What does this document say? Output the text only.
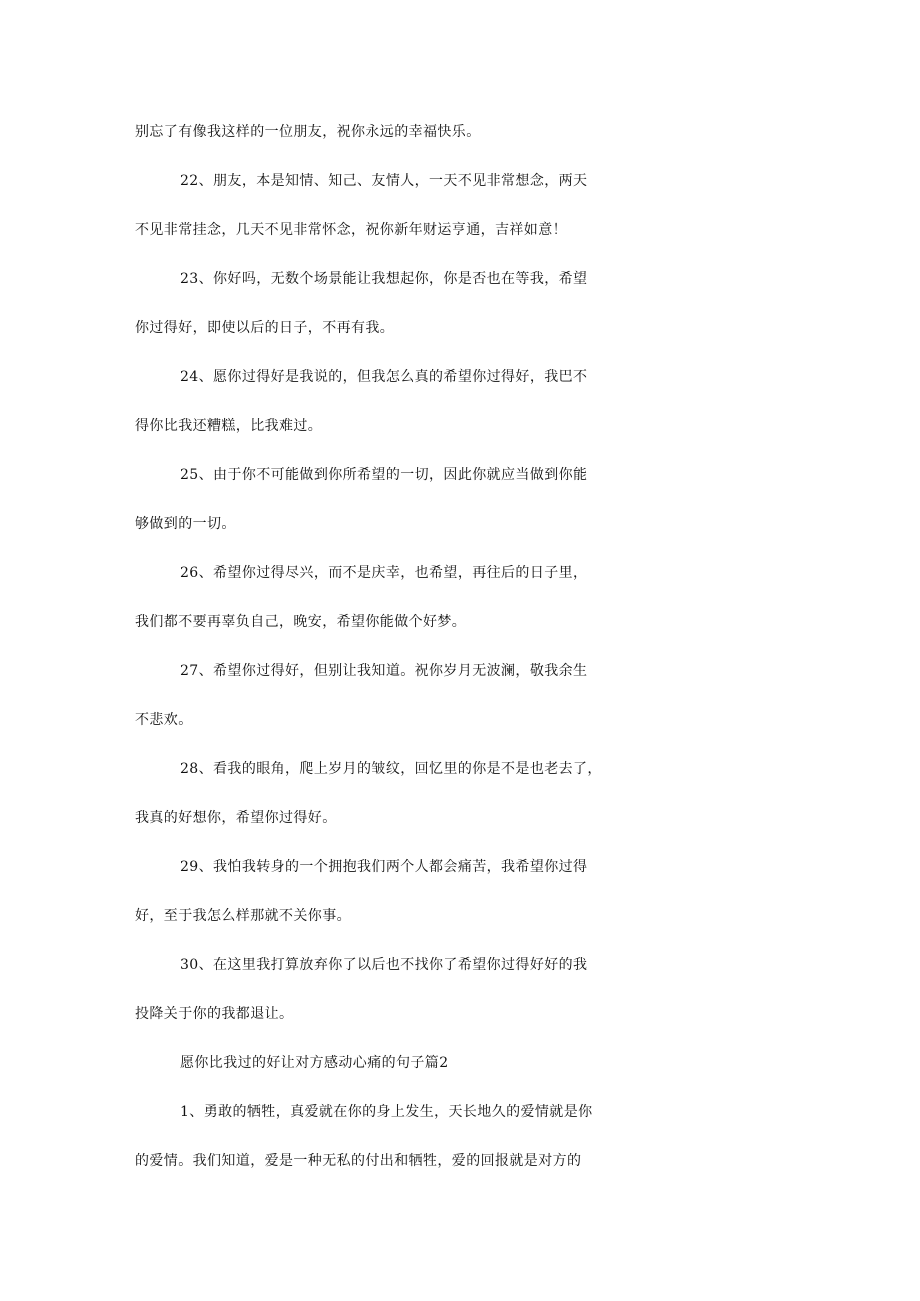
别忘了有像我这样的一位朋友，祝你永远的幸福快乐。
22、朋友，本是知情、知己、友情人，一天不见非常想念，两天
不见非常挂念，几天不见非常怀念，祝你新年财运亨通，吉祥如意！
23、你好吗，无数个场景能让我想起你，你是否也在等我，希望
你过得好，即使以后的日子，不再有我。
24、愿你过得好是我说的，但我怎么真的希望你过得好，我巴不
得你比我还糟糕，比我难过。
25、由于你不可能做到你所希望的一切，因此你就应当做到你能
够做到的一切。
26、希望你过得尽兴，而不是庆幸，也希望，再往后的日子里，
我们都不要再辜负自己，晚安，希望你能做个好梦。
27、希望你过得好，但别让我知道。祝你岁月无波澜，敬我余生
不悲欢。
28、看我的眼角，爬上岁月的皱纹，回忆里的你是不是也老去了，
我真的好想你，希望你过得好。
29、我怕我转身的一个拥抱我们两个人都会痛苦，我希望你过得
好，至于我怎么样那就不关你事。
30、在这里我打算放弃你了以后也不找你了希望你过得好好的我
投降关于你的我都退让。
愿你比我过的好让对方感动心痛的句子篇2
1、勇敢的牺牲，真爱就在你的身上发生，天长地久的爱情就是你
的爱情。我们知道，爱是一种无私的付出和牺牲，爱的回报就是对方的
